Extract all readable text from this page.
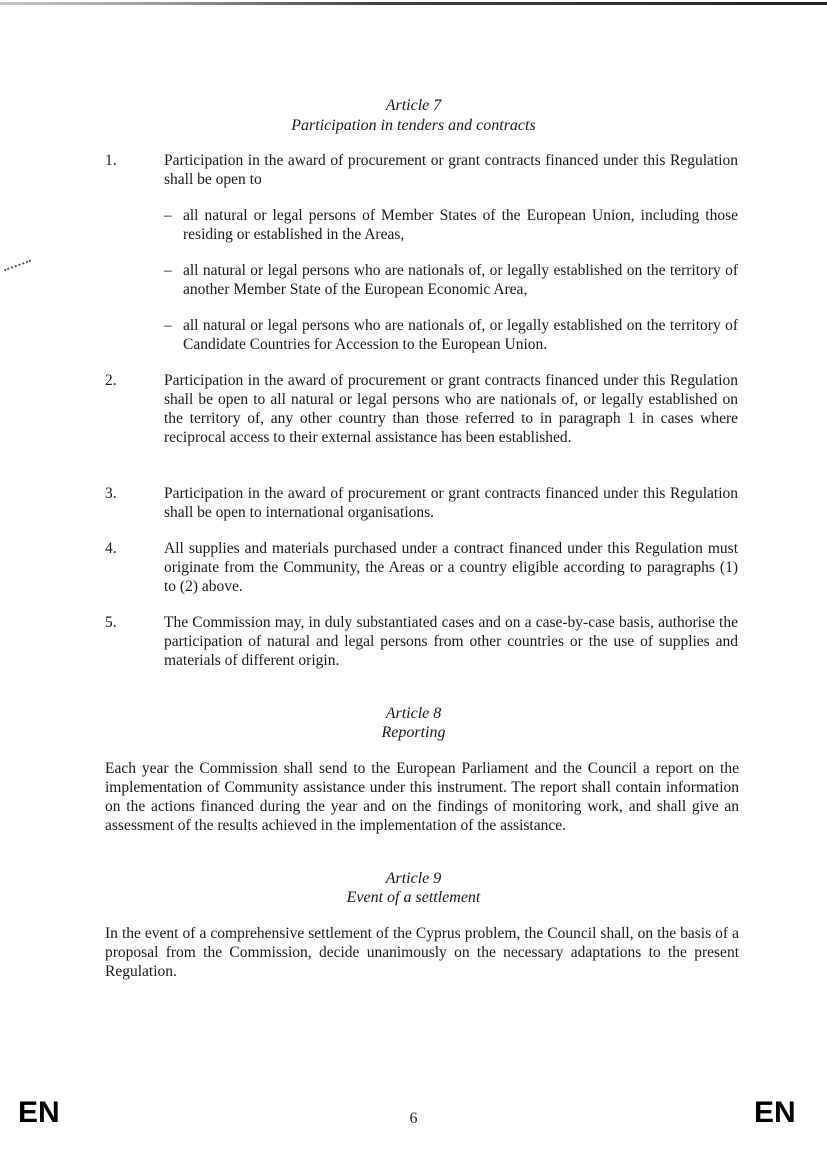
Article 7
Participation in tenders and contracts
1.	Participation in the award of procurement or grant contracts financed under this Regulation shall be open to
– all natural or legal persons of Member States of the European Union, including those residing or established in the Areas,
– all natural or legal persons who are nationals of, or legally established on the territory of another Member State of the European Economic Area,
– all natural or legal persons who are nationals of, or legally established on the territory of Candidate Countries for Accession to the European Union.
2.	Participation in the award of procurement or grant contracts financed under this Regulation shall be open to all natural or legal persons who are nationals of, or legally established on the territory of, any other country than those referred to in paragraph 1 in cases where reciprocal access to their external assistance has been established.
3.	Participation in the award of procurement or grant contracts financed under this Regulation shall be open to international organisations.
4.	All supplies and materials purchased under a contract financed under this Regulation must originate from the Community, the Areas or a country eligible according to paragraphs (1) to (2) above.
5.	The Commission may, in duly substantiated cases and on a case-by-case basis, authorise the participation of natural and legal persons from other countries or the use of supplies and materials of different origin.
Article 8
Reporting
Each year the Commission shall send to the European Parliament and the Council a report on the implementation of Community assistance under this instrument. The report shall contain information on the actions financed during the year and on the findings of monitoring work, and shall give an assessment of the results achieved in the implementation of the assistance.
Article 9
Event of a settlement
In the event of a comprehensive settlement of the Cyprus problem, the Council shall, on the basis of a proposal from the Commission, decide unanimously on the necessary adaptations to the present Regulation.
EN	6	EN
